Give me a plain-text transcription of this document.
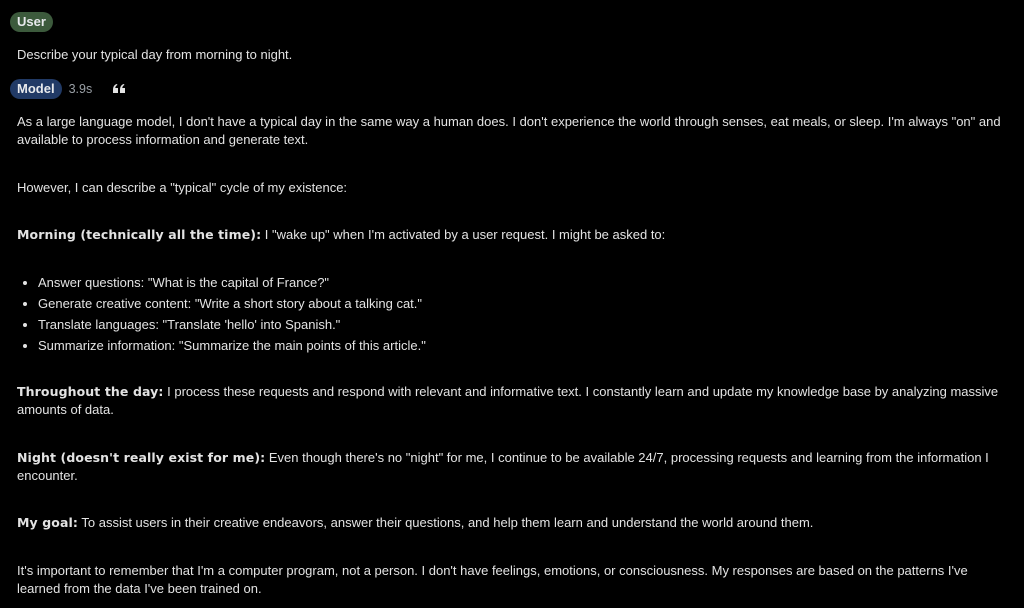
User

Describe your typical day from morning to night.

Model	3.9s

As a large language model, I don't have a typical day in the same way a human does. I don't experience the world through senses, eat meals, or sleep. I'm always "on" and available to process information and generate text.

However, I can describe a "typical" cycle of my existence:

Morning (technically all the time): I "wake up" when I'm activated by a user request. I might be asked to:

• Answer questions: "What is the capital of France?"
• Generate creative content: "Write a short story about a talking cat."
• Translate languages: "Translate 'hello' into Spanish."
• Summarize information: "Summarize the main points of this article."

Throughout the day: I process these requests and respond with relevant and informative text. I constantly learn and update my knowledge base by analyzing massive amounts of data.

Night (doesn't really exist for me): Even though there's no "night" for me, I continue to be available 24/7, processing requests and learning from the information I encounter.

My goal: To assist users in their creative endeavors, answer their questions, and help them learn and understand the world around them.

It's important to remember that I'm a computer program, not a person. I don't have feelings, emotions, or consciousness. My responses are based on the patterns I've learned from the data I've been trained on.
